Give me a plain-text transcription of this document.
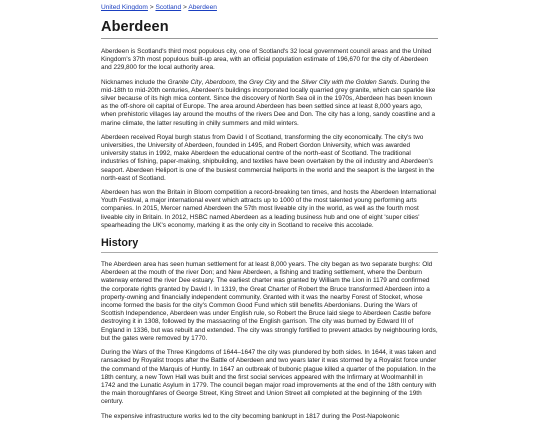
United Kingdom > Scotland > Aberdeen
Aberdeen

Aberdeen is Scotland's third most populous city, one of Scotland's 32 local government council areas and the United Kingdom's 37th most populous built-up area, with an official population estimate of 196,670 for the city of Aberdeen and 229,800 for the local authority area.

Nicknames include the Granite City, Aberdoom, the Grey City and the Silver City with the Golden Sands. During the mid-18th to mid-20th centuries, Aberdeen's buildings incorporated locally quarried grey granite, which can sparkle like silver because of its high mica content. Since the discovery of North Sea oil in the 1970s, Aberdeen has been known as the off-shore oil capital of Europe. The area around Aberdeen has been settled since at least 8,000 years ago, when prehistoric villages lay around the mouths of the rivers Dee and Don. The city has a long, sandy coastline and a marine climate, the latter resulting in chilly summers and mild winters.

Aberdeen received Royal burgh status from David I of Scotland, transforming the city economically. The city's two universities, the University of Aberdeen, founded in 1495, and Robert Gordon University, which was awarded university status in 1992, make Aberdeen the educational centre of the north-east of Scotland. The traditional industries of fishing, paper-making, shipbuilding, and textiles have been overtaken by the oil industry and Aberdeen's seaport. Aberdeen Heliport is one of the busiest commercial heliports in the world and the seaport is the largest in the north-east of Scotland.

Aberdeen has won the Britain in Bloom competition a record-breaking ten times, and hosts the Aberdeen International Youth Festival, a major international event which attracts up to 1000 of the most talented young performing arts companies. In 2015, Mercer named Aberdeen the 57th most liveable city in the world, as well as the fourth most liveable city in Britain. In 2012, HSBC named Aberdeen as a leading business hub and one of eight 'super cities' spearheading the UK's economy, marking it as the only city in Scotland to receive this accolade.

History

The Aberdeen area has seen human settlement for at least 8,000 years. The city began as two separate burghs: Old Aberdeen at the mouth of the river Don; and New Aberdeen, a fishing and trading settlement, where the Denburn waterway entered the river Dee estuary. The earliest charter was granted by William the Lion in 1179 and confirmed the corporate rights granted by David I. In 1319, the Great Charter of Robert the Bruce transformed Aberdeen into a property-owning and financially independent community. Granted with it was the nearby Forest of Stocket, whose income formed the basis for the city's Common Good Fund which still benefits Aberdonians. During the Wars of Scottish Independence, Aberdeen was under English rule, so Robert the Bruce laid siege to Aberdeen Castle before destroying it in 1308, followed by the massacring of the English garrison. The city was burned by Edward III of England in 1336, but was rebuilt and extended. The city was strongly fortified to prevent attacks by neighbouring lords, but the gates were removed by 1770.

During the Wars of the Three Kingdoms of 1644–1647 the city was plundered by both sides. In 1644, it was taken and ransacked by Royalist troops after the Battle of Aberdeen and two years later it was stormed by a Royalist force under the command of the Marquis of Huntly. In 1647 an outbreak of bubonic plague killed a quarter of the population. In the 18th century, a new Town Hall was built and the first social services appeared with the Infirmary at Woolmanhill in 1742 and the Lunatic Asylum in 1779. The council began major road improvements at the end of the 18th century with the main thoroughfares of George Street, King Street and Union Street all completed at the beginning of the 19th century.

The expensive infrastructure works led to the city becoming bankrupt in 1817 during the Post-Napoleonic
